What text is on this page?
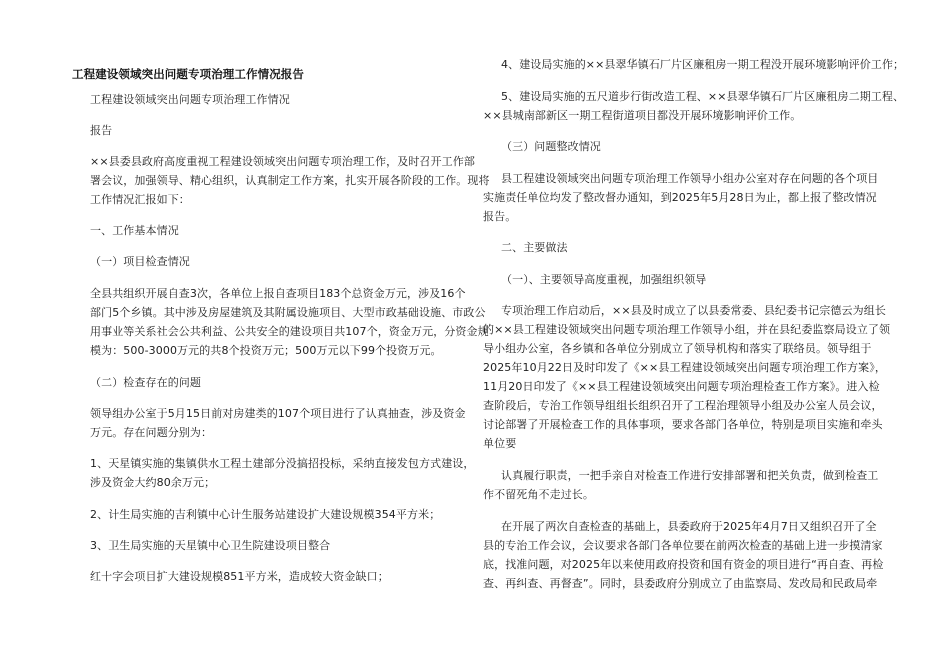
工程建设领域突出问题专项治理工作情况报告
工程建设领域突出问题专项治理工作情况
报告
××县委县政府高度重视工程建设领域突出问题专项治理工作，及时召开工作部
署会议，加强领导、精心组织，认真制定工作方案，扎实开展各阶段的工作。现将
工作情况汇报如下：
一、工作基本情况
（一）项目检查情况
全县共组织开展自查3次，各单位上报自查项目183个总资金万元，涉及16个
部门5个乡镇。其中涉及房屋建筑及其附属设施项目、大型市政基础设施、市政公
用事业等关系社会公共利益、公共安全的建设项目共107个，资金万元，分资金规
模为：500-3000万元的共8个投资万元；500万元以下99个投资万元。
（二）检查存在的问题
领导组办公室于5月15日前对房建类的107个项目进行了认真抽查，涉及资金
万元。存在问题分别为：
1、天星镇实施的集镇供水工程土建部分没搞招投标，采纳直接发包方式建设，
涉及资金大约80余万元；
2、计生局实施的吉利镇中心计生服务站建设扩大建设规模354平方米；
3、卫生局实施的天星镇中心卫生院建设项目整合
红十字会项目扩大建设规模851平方米，造成较大资金缺口；
4、建设局实施的××县翠华镇石厂片区廉租房一期工程没开展环境影响评价工作；
5、建设局实施的五尺道步行街改造工程、××县翠华镇石厂片区廉租房二期工程、
××县城南部新区一期工程街道项目都没开展环境影响评价工作。
（三）问题整改情况
县工程建设领域突出问题专项治理工作领导小组办公室对存在问题的各个项目
实施责任单位均发了整改督办通知，到2025年5月28日为止，都上报了整改情况
报告。
二、主要做法
（一）、主要领导高度重视，加强组织领导
专项治理工作启动后，××县及时成立了以县委常委、县纪委书记宗德云为组长
的××县工程建设领域突出问题专项治理工作领导小组，并在县纪委监察局设立了领
导小组办公室，各乡镇和各单位分别成立了领导机构和落实了联络员。领导组于
2025年10月22日及时印发了《××县工程建设领域突出问题专项治理工作方案》，
11月20日印发了《××县工程建设领域突出问题专项治理检查工作方案》。进入检
查阶段后，专治工作领导组组长组织召开了工程治理领导小组及办公室人员会议，
讨论部署了开展检查工作的具体事项，要求各部门各单位，特别是项目实施和牵头
单位要
认真履行职责，一把手亲自对检查工作进行安排部署和把关负责，做到检查工
作不留死角不走过长。
在开展了两次自查检查的基础上，县委政府于2025年4月7日又组织召开了全
县的专治工作会议，会议要求各部门各单位要在前两次检查的基础上进一步摸清家
底，找准问题，对2025年以来使用政府投资和国有资金的项目进行“再自查、再检
查、再纠查、再督查”。同时，县委政府分别成立了由监察局、发改局和民政局牵
